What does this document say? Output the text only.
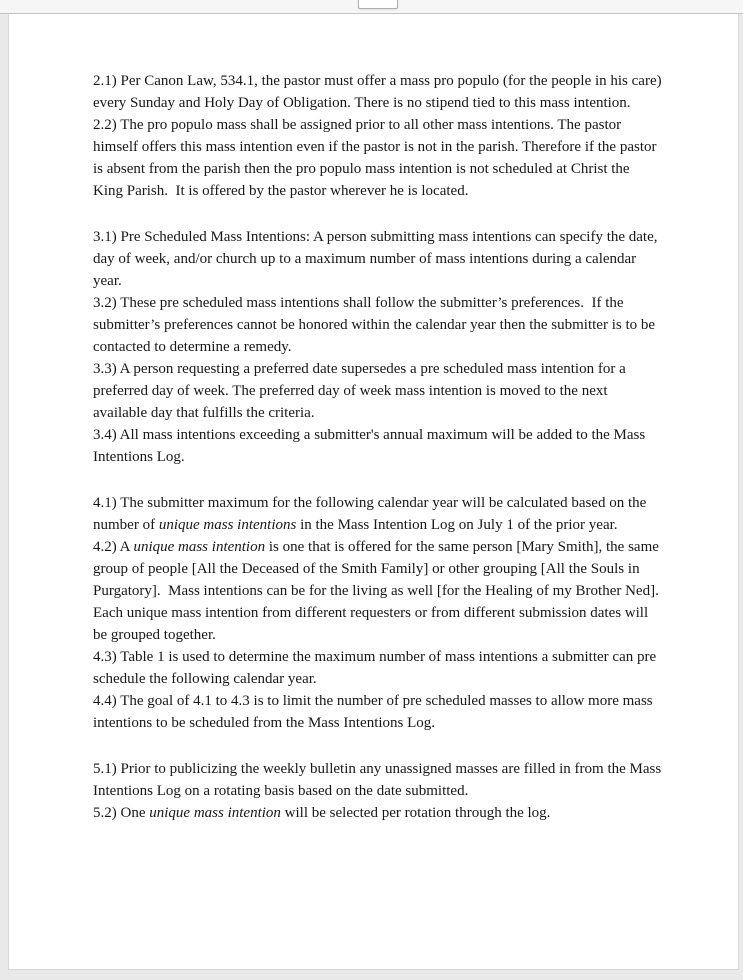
2.1) Per Canon Law, 534.1, the pastor must offer a mass pro populo (for the people in his care) every Sunday and Holy Day of Obligation. There is no stipend tied to this mass intention.

2.2) The pro populo mass shall be assigned prior to all other mass intentions. The pastor himself offers this mass intention even if the pastor is not in the parish. Therefore if the pastor is absent from the parish then the pro populo mass intention is not scheduled at Christ the King Parish.  It is offered by the pastor wherever he is located.

3.1) Pre Scheduled Mass Intentions: A person submitting mass intentions can specify the date, day of week, and/or church up to a maximum number of mass intentions during a calendar year.

3.2) These pre scheduled mass intentions shall follow the submitter’s preferences.  If the submitter’s preferences cannot be honored within the calendar year then the submitter is to be contacted to determine a remedy.

3.3) A person requesting a preferred date supersedes a pre scheduled mass intention for a preferred day of week. The preferred day of week mass intention is moved to the next available day that fulfills the criteria.

3.4) All mass intentions exceeding a submitter's annual maximum will be added to the Mass Intentions Log.

4.1) The submitter maximum for the following calendar year will be calculated based on the number of unique mass intentions in the Mass Intention Log on July 1 of the prior year.

4.2) A unique mass intention is one that is offered for the same person [Mary Smith], the same group of people [All the Deceased of the Smith Family] or other grouping [All the Souls in Purgatory].  Mass intentions can be for the living as well [for the Healing of my Brother Ned].  Each unique mass intention from different requesters or from different submission dates will be grouped together.

4.3) Table 1 is used to determine the maximum number of mass intentions a submitter can pre schedule the following calendar year.

4.4) The goal of 4.1 to 4.3 is to limit the number of pre scheduled masses to allow more mass intentions to be scheduled from the Mass Intentions Log.

5.1) Prior to publicizing the weekly bulletin any unassigned masses are filled in from the Mass Intentions Log on a rotating basis based on the date submitted.

5.2) One unique mass intention will be selected per rotation through the log.
